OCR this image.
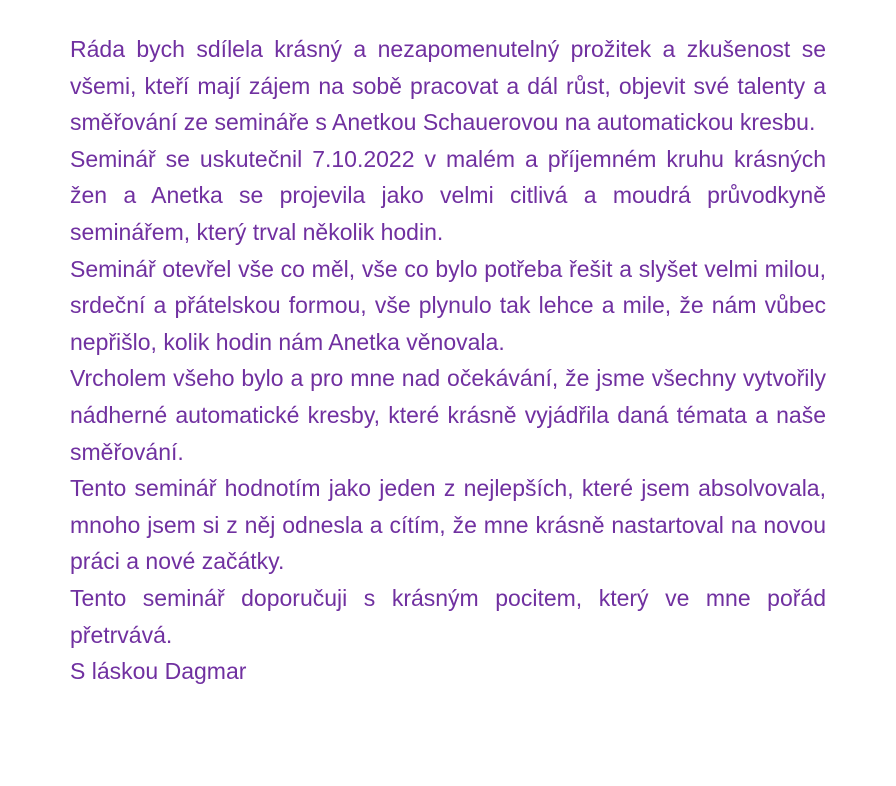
Ráda bych sdílela krásný a nezapomenutelný prožitek a zkušenost se všemi, kteří mají zájem na sobě pracovat a dál růst, objevit své talenty a směřování ze semináře s Anetkou Schauerovou na automatickou kresbu.

Seminář se uskutečnil 7.10.2022 v malém a příjemném kruhu krásných žen a Anetka se projevila jako velmi citlivá a moudrá průvodkyně seminářem, který trval několik hodin.

Seminář otevřel vše co měl, vše co bylo potřeba řešit a slyšet velmi milou, srdeční a přátelskou formou, vše plynulo tak lehce a mile, že nám vůbec nepřišlo, kolik hodin nám Anetka věnovala.

Vrcholem všeho bylo a pro mne nad očekávání, že jsme všechny vytvořily nádherné automatické kresby, které krásně vyjádřila daná témata a naše směřování.

Tento seminář hodnotím jako jeden z nejlepších, které jsem absolvovala, mnoho jsem si z něj odnesla a cítím, že mne krásně nastartoval na novou práci a nové začátky.

Tento seminář doporučuji s krásným pocitem, který ve mne pořád přetrvává.

S láskou Dagmar
